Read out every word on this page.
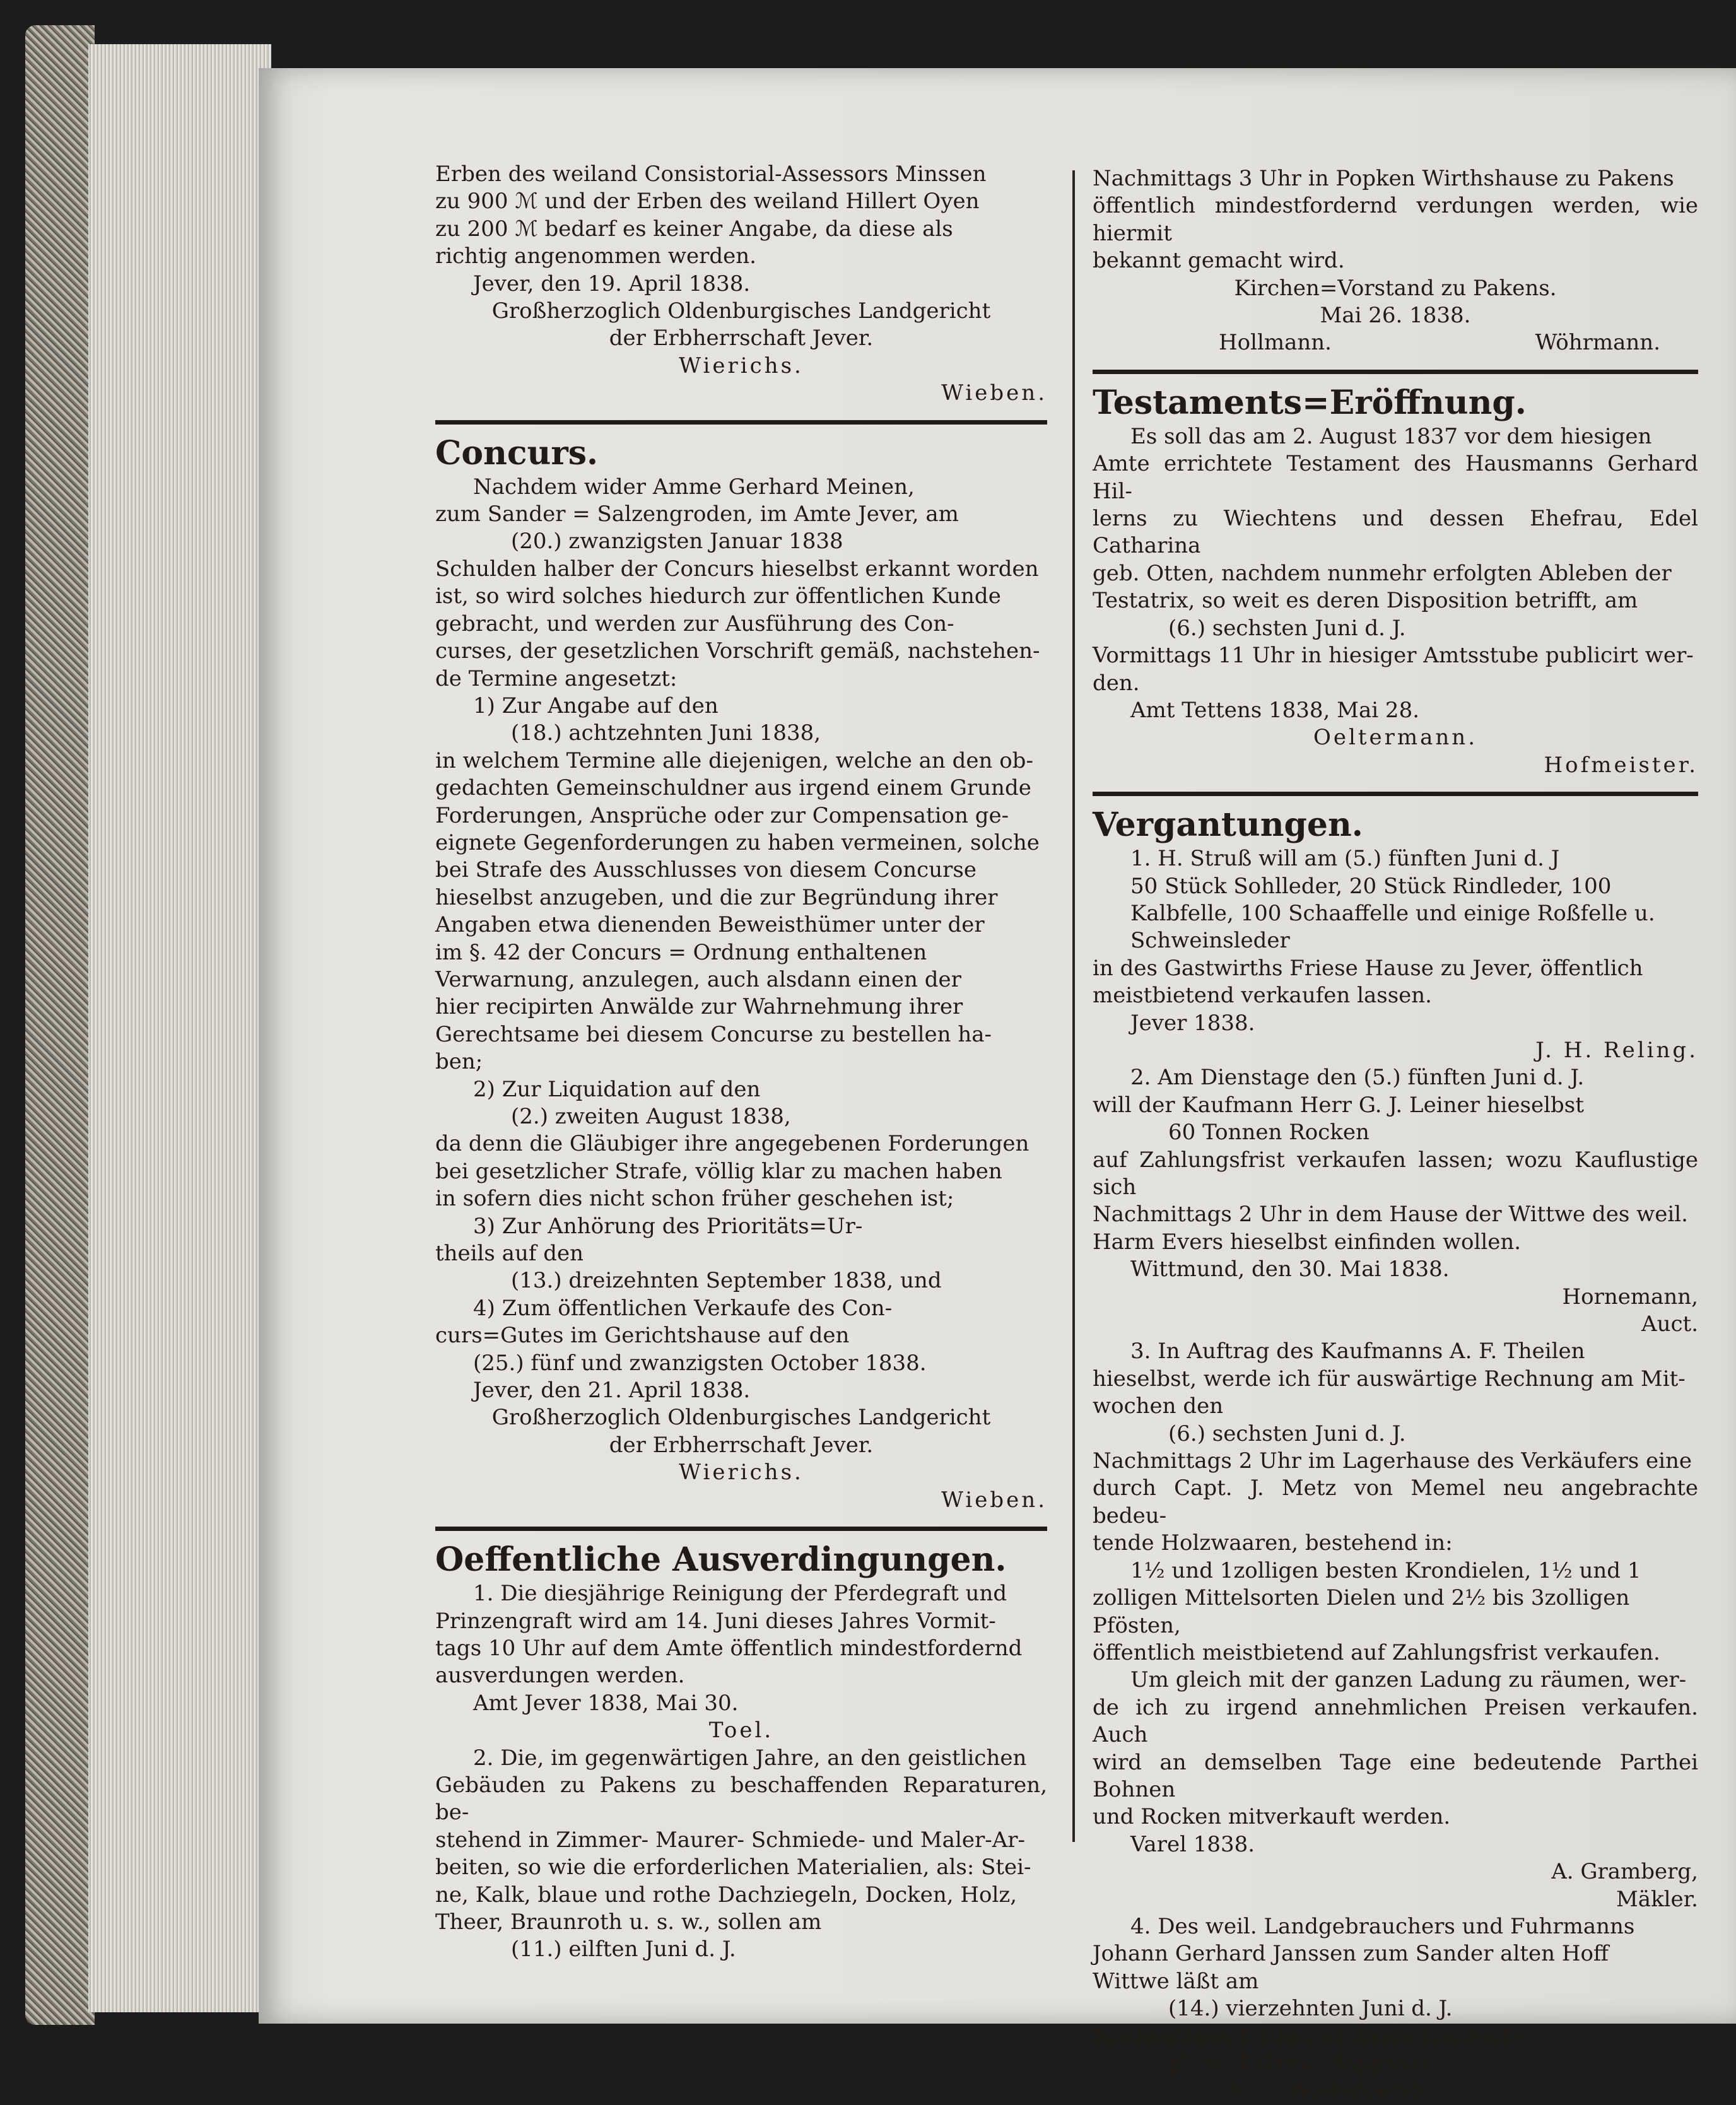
Erben des weiland Consistorial-Assessors Minssen

zu 900 ℳ und der Erben des weiland Hillert Oyen

zu 200 ℳ bedarf es keiner Angabe, da diese als

richtig angenommen werden.

Jever, den 19. April 1838.

Großherzoglich Oldenburgisches Landgericht

der Erbherrschaft Jever.

Wierichs.

Wieben.

Concurs.

Nachdem wider Amme Gerhard Meinen,

zum Sander = Salzengroden, im Amte Jever, am

(20.) zwanzigsten Januar 1838

Schulden halber der Concurs hieselbst erkannt worden

ist, so wird solches hiedurch zur öffentlichen Kunde

gebracht, und werden zur Ausführung des Con-

curses, der gesetzlichen Vorschrift gemäß, nachstehen-

de Termine angesetzt:

1) Zur Angabe auf den

(18.) achtzehnten Juni 1838,

in welchem Termine alle diejenigen, welche an den ob-

gedachten Gemeinschuldner aus irgend einem Grunde

Forderungen, Ansprüche oder zur Compensation ge-

eignete Gegenforderungen zu haben vermeinen, solche

bei Strafe des Ausschlusses von diesem Concurse

hieselbst anzugeben, und die zur Begründung ihrer

Angaben etwa dienenden Beweisthümer unter der

im §. 42 der Concurs = Ordnung enthaltenen

Verwarnung, anzulegen, auch alsdann einen der

hier recipirten Anwälde zur Wahrnehmung ihrer

Gerechtsame bei diesem Concurse zu bestellen ha-

ben;

2) Zur Liquidation auf den

(2.) zweiten August 1838,

da denn die Gläubiger ihre angegebenen Forderungen

bei gesetzlicher Strafe, völlig klar zu machen haben

in sofern dies nicht schon früher geschehen ist;

3) Zur Anhörung des Prioritäts=Ur-

theils auf den

(13.) dreizehnten September 1838, und

4) Zum öffentlichen Verkaufe des Con-

curs=Gutes im Gerichtshause auf den

(25.) fünf und zwanzigsten October 1838.

Jever, den 21. April 1838.

Großherzoglich Oldenburgisches Landgericht

der Erbherrschaft Jever.

Wierichs.

Wieben.

Oeffentliche Ausverdingungen.

1. Die diesjährige Reinigung der Pferdegraft und

Prinzengraft wird am 14. Juni dieses Jahres Vormit-

tags 10 Uhr auf dem Amte öffentlich mindestfordernd

ausverdungen werden.

Amt Jever 1838, Mai 30.

Toel.

2. Die, im gegenwärtigen Jahre, an den geistlichen

Gebäuden zu Pakens zu beschaffenden Reparaturen, be-

stehend in Zimmer- Maurer- Schmiede- und Maler-Ar-

beiten, so wie die erforderlichen Materialien, als: Stei-

ne, Kalk, blaue und rothe Dachziegeln, Docken, Holz,

Theer, Braunroth u. s. w., sollen am

(11.) eilften Juni d. J.

Nachmittags 3 Uhr in Popken Wirthshause zu Pakens

öffentlich mindestfordernd verdungen werden, wie hiermit

bekannt gemacht wird.

Kirchen=Vorstand zu Pakens.

Mai 26. 1838.

Hollmann.	Wöhrmann.

Testaments=Eröffnung.

Es soll das am 2. August 1837 vor dem hiesigen

Amte errichtete Testament des Hausmanns Gerhard Hil-

lerns zu Wiechtens und dessen Ehefrau, Edel Catharina

geb. Otten, nachdem nunmehr erfolgten Ableben der

Testatrix, so weit es deren Disposition betrifft, am

(6.) sechsten Juni d. J.

Vormittags 11 Uhr in hiesiger Amtsstube publicirt wer-

den.

Amt Tettens 1838, Mai 28.

Oeltermann.

Hofmeister.

Vergantungen.

1. H. Struß will am (5.) fünften Juni d. J

50 Stück Sohlleder, 20 Stück Rindleder, 100

Kalbfelle, 100 Schaaffelle und einige Roßfelle u.

Schweinsleder

in des Gastwirths Friese Hause zu Jever, öffentlich

meistbietend verkaufen lassen.

Jever 1838.

J. H. Reling.

2. Am Dienstage den (5.) fünften Juni d. J.

will der Kaufmann Herr G. J. Leiner hieselbst

60 Tonnen Rocken

auf Zahlungsfrist verkaufen lassen; wozu Kauflustige sich

Nachmittags 2 Uhr in dem Hause der Wittwe des weil.

Harm Evers hieselbst einfinden wollen.

Wittmund, den 30. Mai 1838.

Hornemann,

Auct.

3. In Auftrag des Kaufmanns A. F. Theilen

hieselbst, werde ich für auswärtige Rechnung am Mit-

wochen den

(6.) sechsten Juni d. J.

Nachmittags 2 Uhr im Lagerhause des Verkäufers eine

durch Capt. J. Metz von Memel neu angebrachte bedeu-

tende Holzwaaren, bestehend in:

1½ und 1zolligen besten Krondielen, 1½ und 1

zolligen Mittelsorten Dielen und 2½ bis 3zolligen

Pfösten,

öffentlich meistbietend auf Zahlungsfrist verkaufen.

Um gleich mit der ganzen Ladung zu räumen, wer-

de ich zu irgend annehmlichen Preisen verkaufen. Auch

wird an demselben Tage eine bedeutende Parthei Bohnen

und Rocken mitverkauft werden.

Varel 1838.

A. Gramberg,

Mäkler.

4. Des weil. Landgebrauchers und Fuhrmanns

Johann Gerhard Janssen zum Sander alten Hoff

Wittwe läßt am

(14.) vierzehnten Juni d. J.

Nachmittags 1 Uhr auf ihrem Landgute

pl. m. 4 Grase Rappsaat,

— 4 — Wintergerste,
